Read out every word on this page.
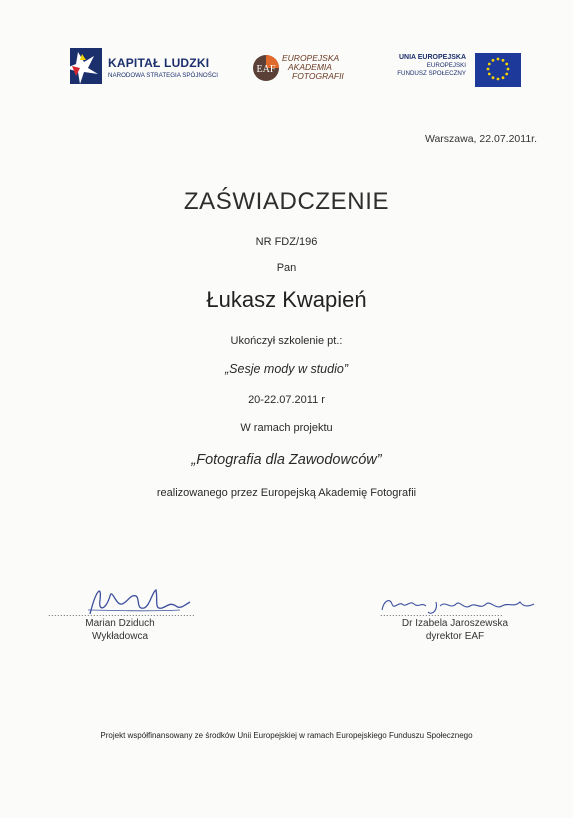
KAPITAŁ LUDZKI
NARODOWA STRATEGIA SPÓJNOŚCI
EAF
EUROPEJSKA
AKADEMIA
FOTOGRAFII
UNIA EUROPEJSKA
EUROPEJSKI
FUNDUSZ SPOŁECZNY
Warszawa, 22.07.2011r.
ZAŚWIADCZENIE
NR FDZ/196
Pan
Łukasz Kwapień
Ukończył szkolenie pt.:
„Sesje mody w studio”
20-22.07.2011 r
W ramach projektu
„Fotografia dla Zawodowców”
realizowanego przez Europejską Akademię Fotografii
.................................................
Marian Dziduch
Wykładowca
.........................................
Dr Izabela Jaroszewska
dyrektor EAF
Projekt współfinansowany ze środków Unii Europejskiej w ramach Europejskiego Funduszu Społecznego
